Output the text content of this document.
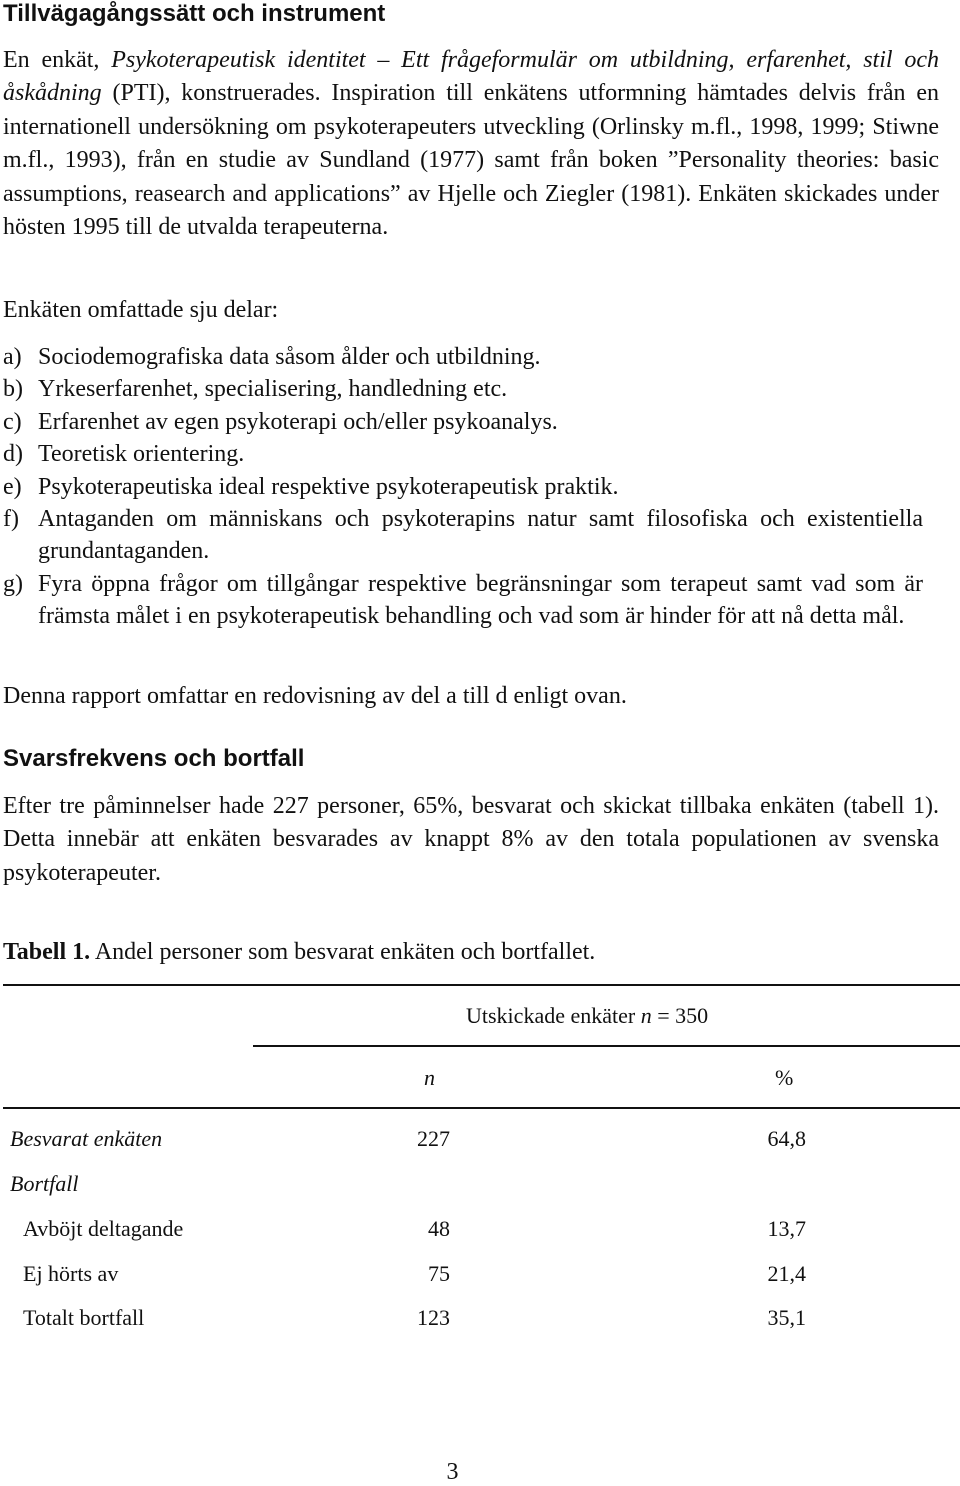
Tillvägagångssätt och instrument

En enkät, Psykoterapeutisk identitet – Ett frågeformulär om utbildning, erfarenhet, stil och åskådning (PTI), konstruerades. Inspiration till enkätens utformning hämtades delvis från en internationell undersökning om psykoterapeuters utveckling (Orlinsky m.fl., 1998, 1999; Stiwne m.fl., 1993), från en studie av Sundland (1977) samt från boken ”Personality theories: basic assumptions, reasearch and applications” av Hjelle och Ziegler (1981). Enkäten skickades under hösten 1995 till de utvalda terapeuterna.

Enkäten omfattade sju delar:

a) Sociodemografiska data såsom ålder och utbildning.
b) Yrkeserfarenhet, specialisering, handledning etc.
c) Erfarenhet av egen psykoterapi och/eller psykoanalys.
d) Teoretisk orientering.
e) Psykoterapeutiska ideal respektive psykoterapeutisk praktik.
f) Antaganden om människans och psykoterapins natur samt filosofiska och existentiella grundantaganden.
g) Fyra öppna frågor om tillgångar respektive begränsningar som terapeut samt vad som är främsta målet i en psykoterapeutisk behandling och vad som är hinder för att nå detta mål.

Denna rapport omfattar en redovisning av del a till d enligt ovan.

Svarsfrekvens och bortfall

Efter tre påminnelser hade 227 personer, 65%, besvarat och skickat tillbaka enkäten (tabell 1). Detta innebär att enkäten besvarades av knappt 8% av den totala populationen av svenska psykoterapeuter.

Tabell 1. Andel personer som besvarat enkäten och bortfallet.

Utskickade enkäter n = 350
n	%
Besvarat enkäten	227	64,8
Bortfall
Avböjt deltagande	48	13,7
Ej hörts av	75	21,4
Totalt bortfall	123	35,1
3
